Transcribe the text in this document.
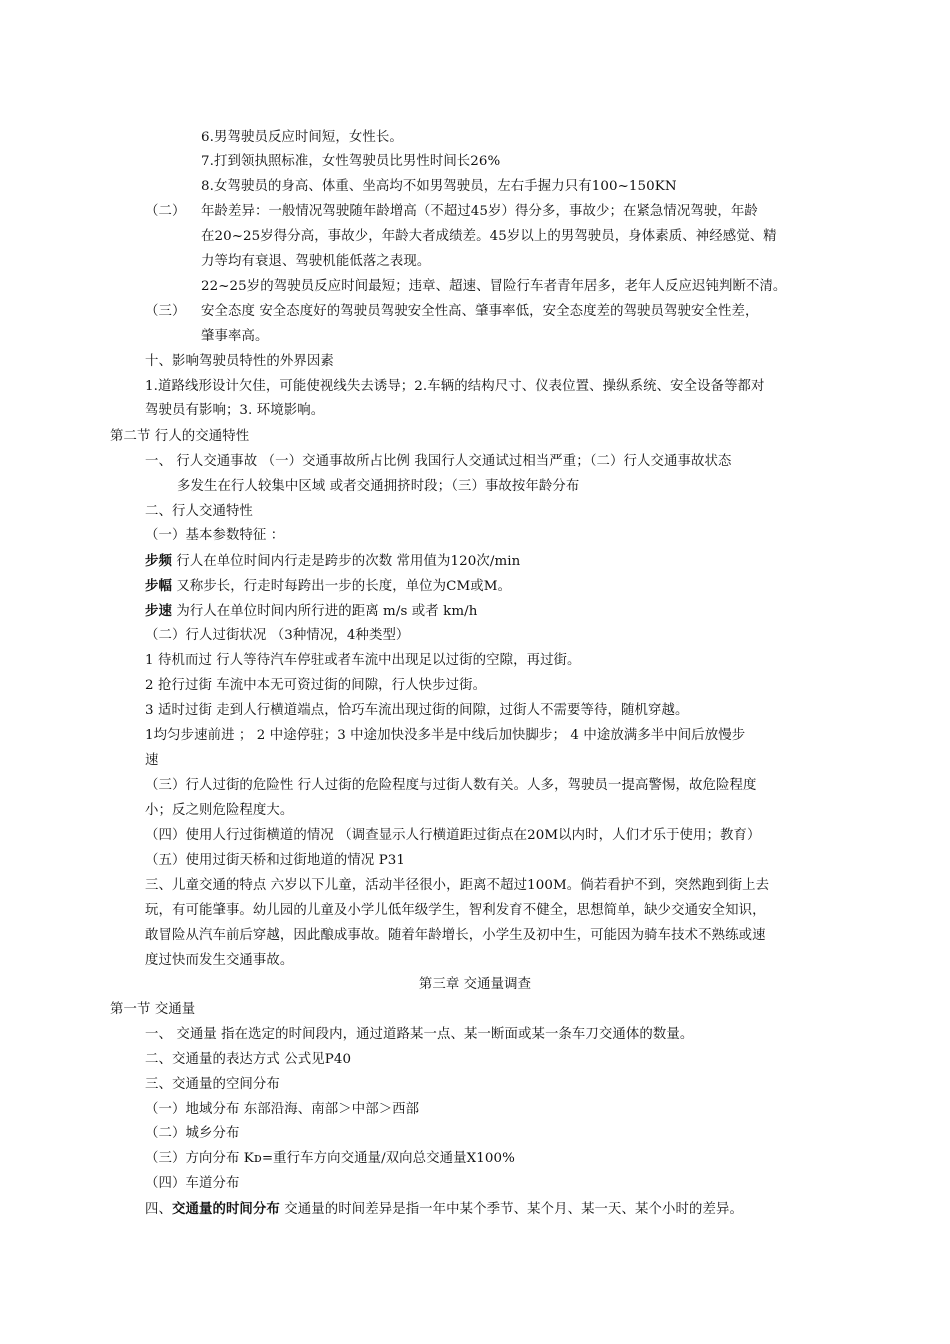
6.男驾驶员反应时间短，女性长。
7.打到领执照标准，女性驾驶员比男性时间长26%
8.女驾驶员的身高、体重、坐高均不如男驾驶员，左右手握力只有100~150KN
（二） 年龄差异：一般情况驾驶随年龄增高（不超过45岁）得分多，事故少；在紧急情况驾驶，年龄
在20~25岁得分高，事故少，年龄大者成绩差。45岁以上的男驾驶员，身体素质、神经感觉、精
力等均有衰退、驾驶机能低落之表现。
22~25岁的驾驶员反应时间最短；违章、超速、冒险行车者青年居多，老年人反应迟钝判断不清。
（三） 安全态度 安全态度好的驾驶员驾驶安全性高、肇事率低，安全态度差的驾驶员驾驶安全性差，
肇事率高。
十、影响驾驶员特性的外界因素
1.道路线形设计欠佳，可能使视线失去诱导；2.车辆的结构尺寸、仪表位置、操纵系统、安全设备等都对
驾驶员有影响；3. 环境影响。
第二节 行人的交通特性
一、 行人交通事故 （一）交通事故所占比例 我国行人交通试过相当严重；（二）行人交通事故状态
多发生在行人较集中区域 或者交通拥挤时段；（三）事故按年龄分布
二、行人交通特性
（一）基本参数特征 ：
步频 行人在单位时间内行走是跨步的次数 常用值为120次/min
步幅 又称步长，行走时每跨出一步的长度，单位为CM或M。
步速 为行人在单位时间内所行进的距离 m/s 或者 km/h
（二）行人过街状况 （3种情况，4种类型）
1 待机而过 行人等待汽车停驻或者车流中出现足以过街的空隙，再过街。
2 抢行过街 车流中本无可资过街的间隙，行人快步过街。
3 适时过街 走到人行横道端点，恰巧车流出现过街的间隙，过街人不需要等待，随机穿越。
1均匀步速前进 ； 2 中途停驻；3 中途加快没多半是中线后加快脚步； 4 中途放满多半中间后放慢步
速
（三）行人过街的危险性 行人过街的危险程度与过街人数有关。人多，驾驶员一提高警惕，故危险程度
小；反之则危险程度大。
（四）使用人行过街横道的情况 （调查显示人行横道距过街点在20M以内时，人们才乐于使用；教育）
（五）使用过街天桥和过街地道的情况 P31
三、儿童交通的特点 六岁以下儿童，活动半径很小，距离不超过100M。倘若看护不到，突然跑到街上去
玩，有可能肇事。幼儿园的儿童及小学儿低年级学生，智利发育不健全，思想简单，缺少交通安全知识，
敢冒险从汽车前后穿越，因此酿成事故。随着年龄增长，小学生及初中生，可能因为骑车技术不熟练或速
度过快而发生交通事故。
第三章 交通量调查
第一节 交通量
一、 交通量 指在选定的时间段内，通过道路某一点、某一断面或某一条车刀交通体的数量。
二、交通量的表达方式 公式见P40
三、交通量的空间分布
（一）地域分布 东部沿海、南部＞中部＞西部
（二）城乡分布
（三）方向分布 Kᴅ=重行车方向交通量/双向总交通量X100%
（四）车道分布
四、交通量的时间分布 交通量的时间差异是指一年中某个季节、某个月、某一天、某个小时的差异。
